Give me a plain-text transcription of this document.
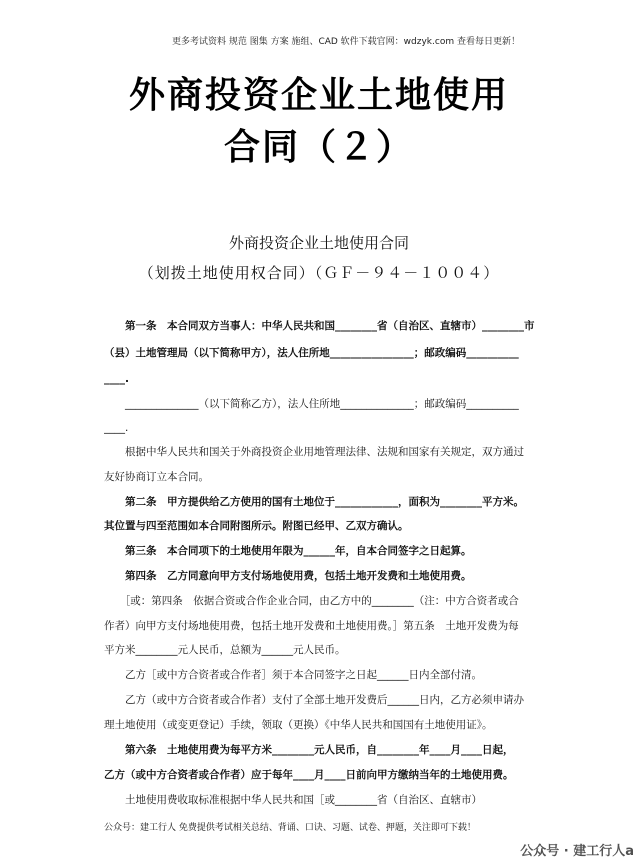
更多考试资料 规范 图集 方案 施组、CAD 软件下载官网：wdzyk.com 查看每日更新！
外商投资企业土地使用
合同（２）
外商投资企业土地使用合同
（划拨土地使用权合同）（ＧＦ－９４－１００４）
　　第一条　本合同双方当事人：中华人民共和国________省（自治区、直辖市）________市
（县）土地管理局（以下简称甲方），法人住所地________________；邮政编码__________
____.
　　______________（以下简称乙方），法人住所地______________；邮政编码__________
____.
　　根据中华人民共和国关于外商投资企业用地管理法律、法规和国家有关规定，双方通过
友好协商订立本合同。
　　第二条　甲方提供给乙方使用的国有土地位于____________，面积为________平方米。
其位置与四至范围如本合同附图所示。附图已经甲、乙双方确认。
　　第三条　本合同项下的土地使用年限为______年，自本合同签字之日起算。
　　第四条　乙方同意向甲方支付场地使用费，包括土地开发费和土地使用费。
　　［或：第四条　依据合资或合作企业合同，由乙方中的________（注：中方合资者或合
作者）向甲方支付场地使用费，包括土地开发费和土地使用费。］第五条　土地开发费为每
平方米________元人民币，总额为______元人民币。
　　乙方［或中方合资者或合作者］须于本合同签字之日起______日内全部付清。
　　乙方（或中方合资者或合作者）支付了全部土地开发费后______日内，乙方必须申请办
理土地使用（或变更登记）手续，领取（更换）《中华人民共和国国有土地使用证》。
　　第六条　土地使用费为每平方米________元人民币，自________年____月____日起，
乙方（或中方合资者或合作者）应于每年____月____日前向甲方缴纳当年的土地使用费。
　　土地使用费收取标准根据中华人民共和国［或________省（自治区、直辖市）
公众号：建工行人 免费提供考试相关总结、背诵、口诀、习题、试卷、押题，关注即可下载！
公众号 · 建工行人a
